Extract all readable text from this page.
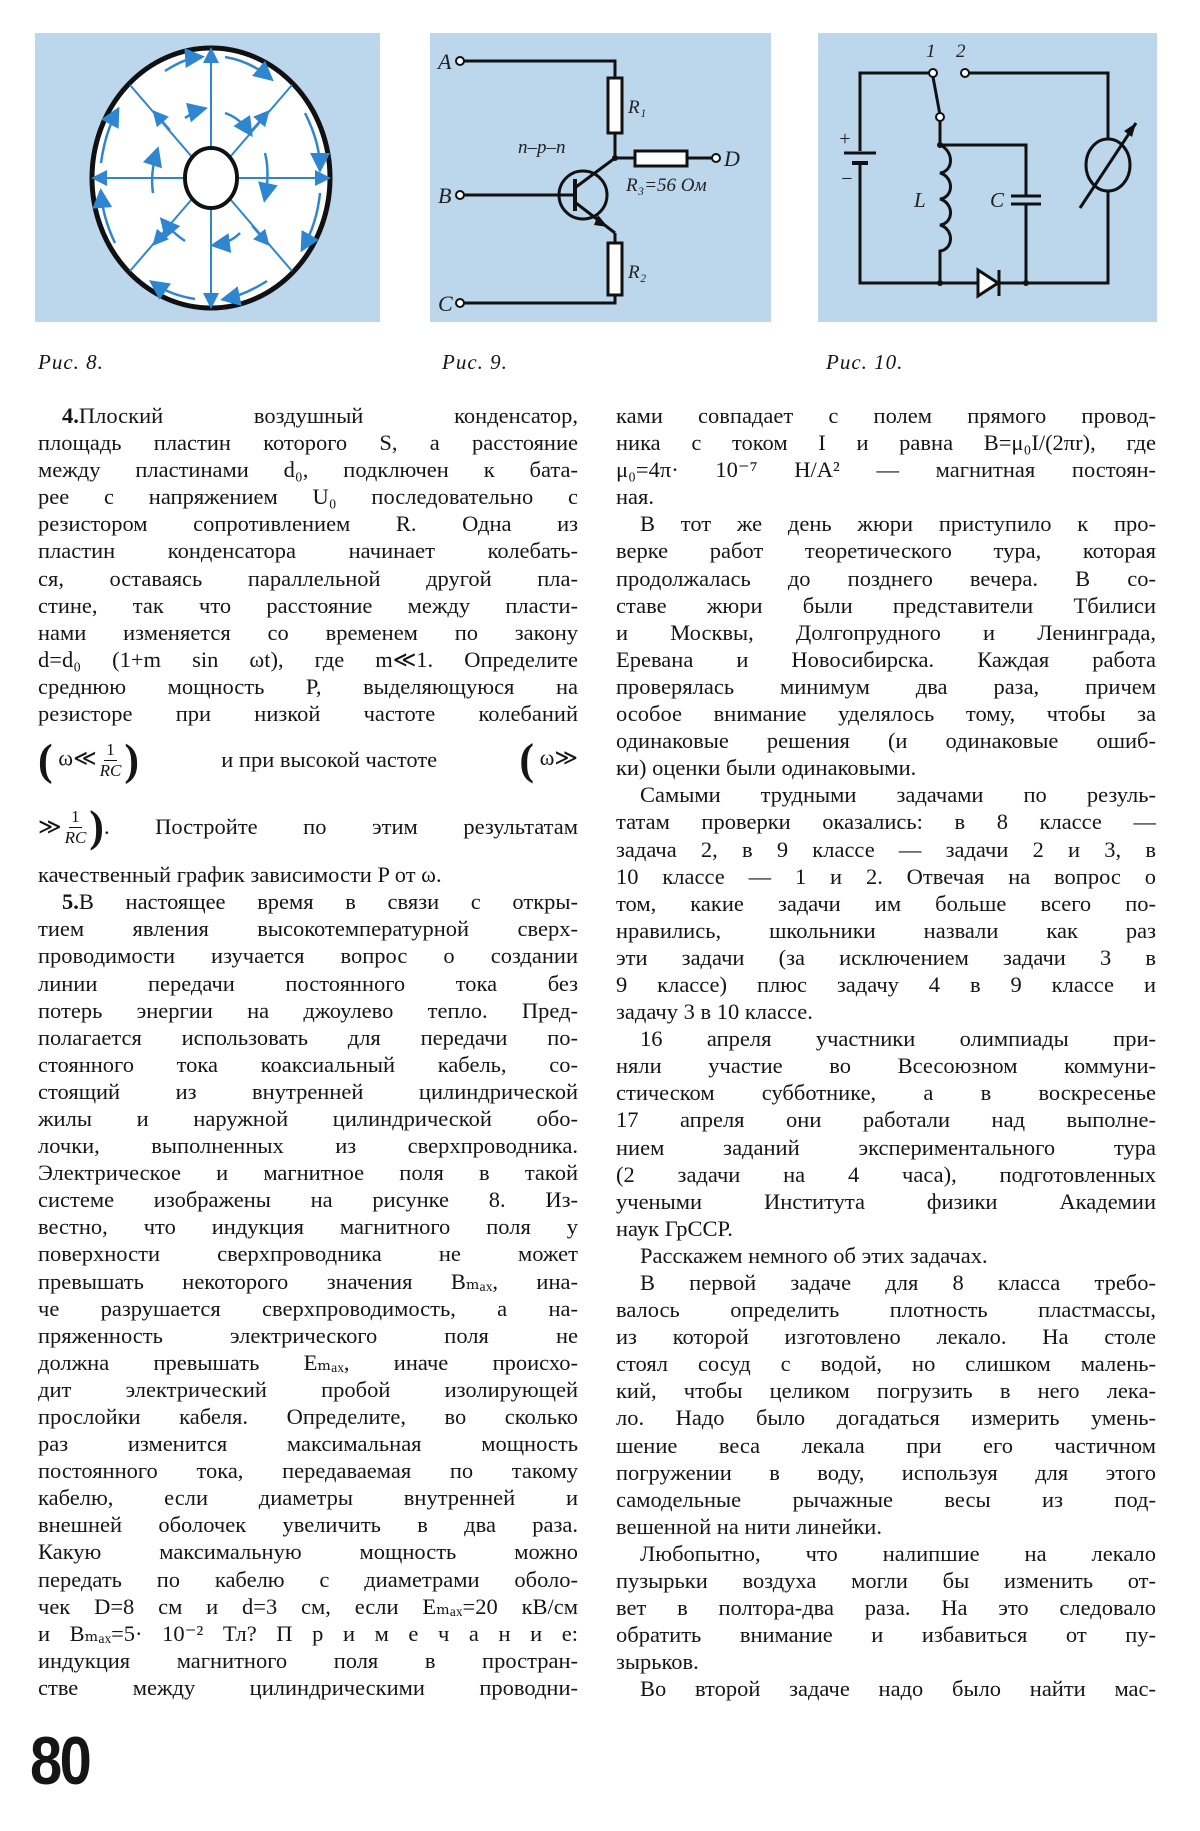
Рис. 8.
A
B
C
D
n–p–n
R₁
R₃=56 Ом
R₂
Рис. 9.
1 2
+
−
L	C
Рис. 10.
4. Плоский воздушный конденсатор,
площадь пластин которого S, а расстояние
между пластинами d₀, подключен к бата-
рее с напряжением U₀ последовательно с
резистором сопротивлением R. Одна из
пластин конденсатора начинает колебать-
ся, оставаясь параллельной другой пла-
стине, так что расстояние между пласти-
нами изменяется со временем по закону
d=d₀ (1+m sin ωt), где m≪1. Определите
среднюю мощность P, выделяющуюся на
резисторе при низкой частоте колебаний
( ω≪ $\frac{1}{RC}$ )	и при высокой частоте ( ω≫
≫ $\frac{1}{RC}$ ) . Постройте по этим результатам
качественный график зависимости P от ω.
5. В настоящее время в связи с откры-
тием явления высокотемпературной сверх-
проводимости изучается вопрос о создании
линии передачи постоянного тока без
потерь энергии на джоулево тепло. Пред-
полагается использовать для передачи по-
стоянного тока коаксиальный кабель, со-
стоящий из внутренней цилиндрической
жилы и наружной цилиндрической обо-
лочки, выполненных из сверхпроводника.
Электрическое и магнитное поля в такой
системе изображены на рисунке 8. Из-
вестно, что индукция магнитного поля у
поверхности сверхпроводника не может
превышать некоторого значения Bₘₐₓ, ина-
че разрушается сверхпроводимость, а на-
пряженность электрического поля не
должна превышать Eₘₐₓ, иначе происхо-
дит электрический пробой изолирующей
прослойки кабеля. Определите, во сколько
раз изменится максимальная мощность
постоянного тока, передаваемая по такому
кабелю, если диаметры внутренней и
внешней оболочек увеличить в два раза.
Какую максимальную мощность можно
передать по кабелю с диаметрами оболо-
чек D=8 см и d=3 см, если Eₘₐₓ=20 кВ/см
и Bₘₐₓ=5· 10⁻² Тл? П р и м е ч а н и е:
индукция магнитного поля в простран-
стве между цилиндрическими проводни-
ками совпадает с полем прямого провод-
ника с током I и равна B=μ₀I/(2πr), где
μ₀=4π· 10⁻⁷ Н/А² — магнитная постоян-
ная.
В тот же день жюри приступило к про-
верке работ теоретического тура, которая
продолжалась до позднего вечера. В со-
ставе жюри были представители Тбилиси
и Москвы, Долгопрудного и Ленинграда,
Еревана и Новосибирска. Каждая работа
проверялась минимум два раза, причем
особое внимание уделялось тому, чтобы за
одинаковые решения (и одинаковые ошиб-
ки) оценки были одинаковыми.
Самыми трудными задачами по резуль-
татам проверки оказались: в 8 классе —
задача 2, в 9 классе — задачи 2 и 3, в
10 классе — 1 и 2. Отвечая на вопрос о
том, какие задачи им больше всего по-
нравились, школьники назвали как раз
эти задачи (за исключением задачи 3 в
9 классе) плюс задачу 4 в 9 классе и
задачу 3 в 10 классе.
16 апреля участники олимпиады при-
няли участие во Всесоюзном коммуни-
стическом субботнике, а в воскресенье
17 апреля они работали над выполне-
нием заданий экспериментального тура
(2 задачи на 4 часа), подготовленных
учеными Института физики Академии
наук ГрССР.
Расскажем немного об этих задачах.
В первой задаче для 8 класса требо-
валось определить плотность пластмассы,
из которой изготовлено лекало. На столе
стоял сосуд с водой, но слишком малень-
кий, чтобы целиком погрузить в него лека-
ло. Надо было догадаться измерить умень-
шение веса лекала при его частичном
погружении в воду, используя для этого
самодельные рычажные весы из под-
вешенной на нити линейки.
Любопытно, что налипшие на лекало
пузырьки воздуха могли бы изменить от-
вет в полтора-два раза. На это следовало
обратить внимание и избавиться от пу-
зырьков.
Во второй задаче надо было найти мас-
80
